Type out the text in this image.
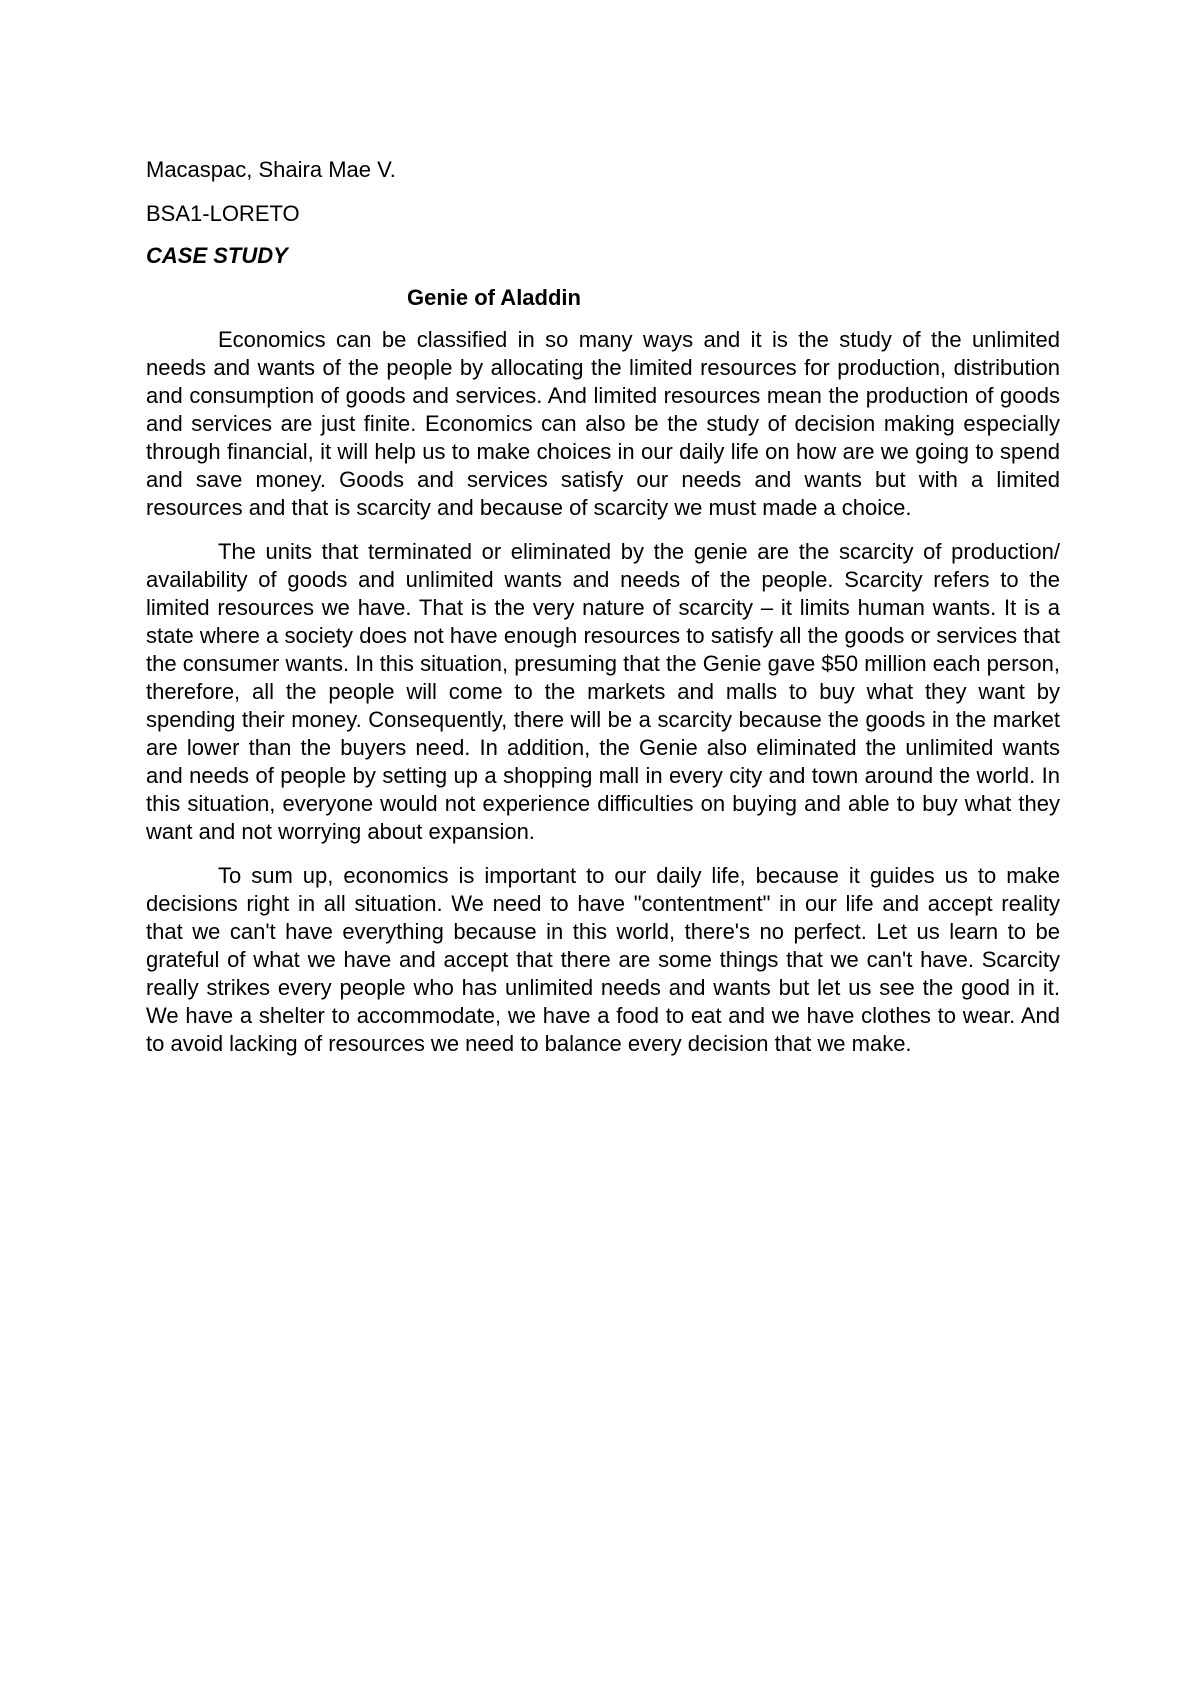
Macaspac, Shaira Mae V.

BSA1-LORETO

CASE STUDY

Genie of Aladdin

Economics can be classified in so many ways and it is the study of the unlimited needs and wants of the people by allocating the limited resources for production, distribution and consumption of goods and services. And limited resources mean the production of goods and services are just finite. Economics can also be the study of decision making especially through financial, it will help us to make choices in our daily life on how are we going to spend and save money. Goods and services satisfy our needs and wants but with a limited resources and that is scarcity and because of scarcity we must made a choice.

The units that terminated or eliminated by the genie are the scarcity of production/ availability of goods and unlimited wants and needs of the people. Scarcity refers to the limited resources we have. That is the very nature of scarcity – it limits human wants. It is a state where a society does not have enough resources to satisfy all the goods or services that the consumer wants. In this situation, presuming that the Genie gave $50 million each person, therefore, all the people will come to the markets and malls to buy what they want by spending their money. Consequently, there will be a scarcity because the goods in the market are lower than the buyers need. In addition, the Genie also eliminated the unlimited wants and needs of people by setting up a shopping mall in every city and town around the world. In this situation, everyone would not experience difficulties on buying and able to buy what they want and not worrying about expansion.

To sum up, economics is important to our daily life, because it guides us to make decisions right in all situation. We need to have "contentment" in our life and accept reality that we can't have everything because in this world, there's no perfect. Let us learn to be grateful of what we have and accept that there are some things that we can't have. Scarcity really strikes every people who has unlimited needs and wants but let us see the good in it. We have a shelter to accommodate, we have a food to eat and we have clothes to wear. And to avoid lacking of resources we need to balance every decision that we make.
